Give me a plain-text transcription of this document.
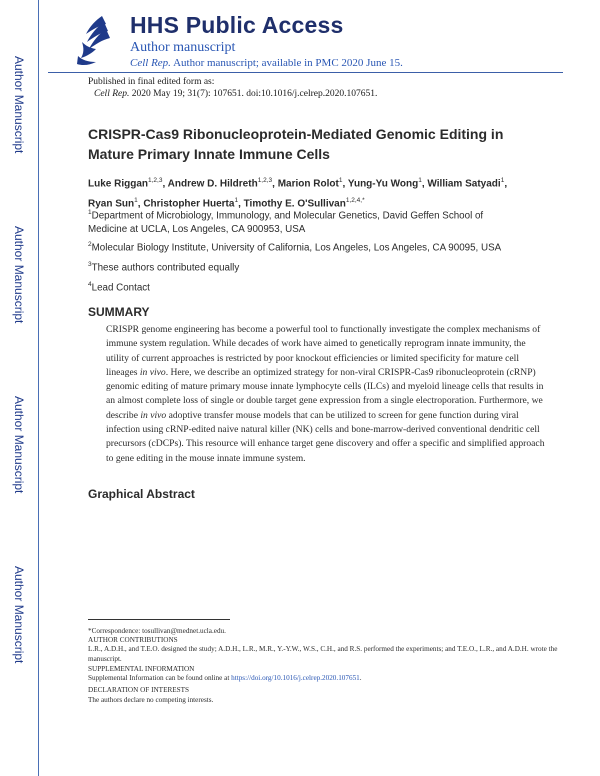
Author Manuscript
Author Manuscript
Author Manuscript
Author Manuscript
HHS Public Access
Author manuscript
Cell Rep. Author manuscript; available in PMC 2020 June 15.
Published in final edited form as:
Cell Rep. 2020 May 19; 31(7): 107651. doi:10.1016/j.celrep.2020.107651.
CRISPR-Cas9 Ribonucleoprotein-Mediated Genomic Editing in Mature Primary Innate Immune Cells
Luke Riggan$^{1,2,3}$, Andrew D. Hildreth$^{1,2,3}$, Marion Rolot$^1$, Yung-Yu Wong$^1$, William Satyadi$^1$, Ryan Sun$^1$, Christopher Huerta$^1$, Timothy E. O'Sullivan$^{1,2,4,*}$
$^1$Department of Microbiology, Immunology, and Molecular Genetics, David Geffen School of Medicine at UCLA, Los Angeles, CA 900953, USA
$^2$Molecular Biology Institute, University of California, Los Angeles, Los Angeles, CA 90095, USA
$^3$These authors contributed equally
$^4$Lead Contact
SUMMARY
CRISPR genome engineering has become a powerful tool to functionally investigate the complex mechanisms of immune system regulation. While decades of work have aimed to genetically reprogram innate immunity, the utility of current approaches is restricted by poor knockout efficiencies or limited specificity for mature cell lineages in vivo. Here, we describe an optimized strategy for non-viral CRISPR-Cas9 ribonucleoprotein (cRNP) genomic editing of mature primary mouse innate lymphocyte cells (ILCs) and myeloid lineage cells that results in an almost complete loss of single or double target gene expression from a single electroporation. Furthermore, we describe in vivo adoptive transfer mouse models that can be utilized to screen for gene function during viral infection using cRNP-edited naive natural killer (NK) cells and bone-marrow-derived conventional dendritic cell precursors (cDCPs). This resource will enhance target gene discovery and offer a specific and simplified approach to gene editing in the mouse innate immune system.
Graphical Abstract
*Correspondence: tosullivan@mednet.ucla.edu.
AUTHOR CONTRIBUTIONS
L.R., A.D.H., and T.E.O. designed the study; A.D.H., L.R., M.R., Y.-Y.W., W.S., C.H., and R.S. performed the experiments; and T.E.O., L.R., and A.D.H. wrote the manuscript.
SUPPLEMENTAL INFORMATION
Supplemental Information can be found online at https://doi.org/10.1016/j.celrep.2020.107651.
DECLARATION OF INTERESTS
The authors declare no competing interests.
